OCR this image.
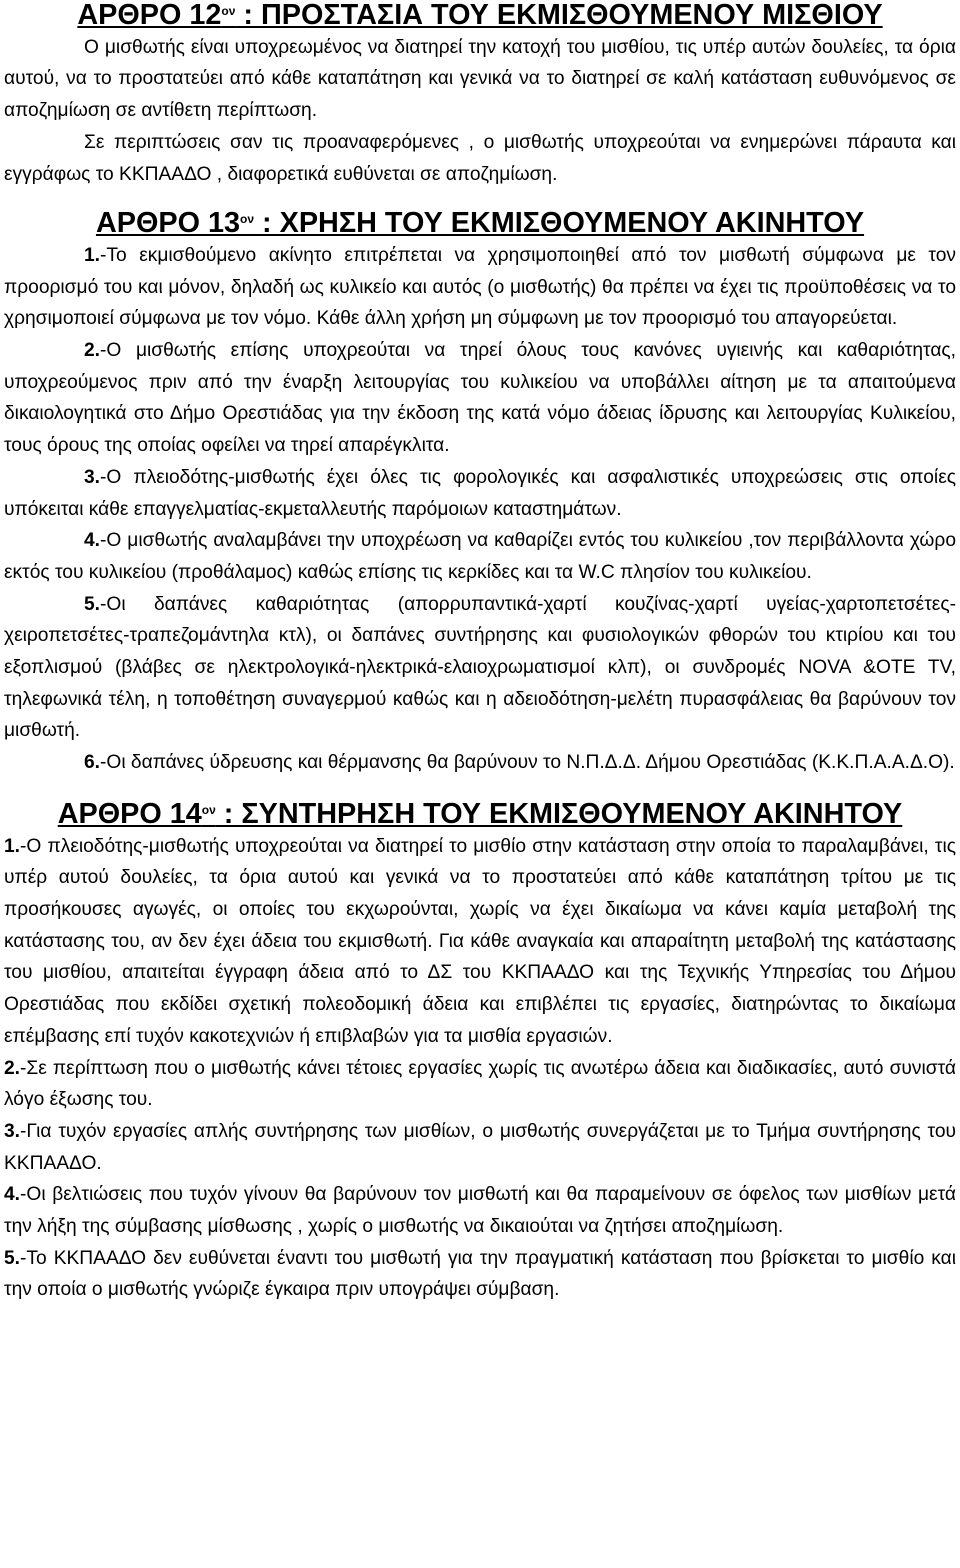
ΑΡΘΡΟ $12^{o\nu}$ : ΠΡΟΣΤΑΣΙΑ ΤΟΥ ΕΚΜΙΣΘΟΥΜΕΝΟΥ ΜΙΣΘΙΟΥ

Ο μισθωτής είναι υποχρεωμένος να διατηρεί την κατοχή του μισθίου, τις υπέρ αυτών δουλείες, τα όρια αυτού, να το προστατεύει από κάθε καταπάτηση και γενικά να το διατηρεί σε καλή κατάσταση ευθυνόμενος σε αποζημίωση σε αντίθετη περίπτωση.

Σε περιπτώσεις σαν τις προαναφερόμενες , ο μισθωτής υποχρεούται να ενημερώνει πάραυτα και εγγράφως το ΚΚΠΑΑΔΟ , διαφορετικά ευθύνεται σε αποζημίωση.

ΑΡΘΡΟ $13^{o\nu}$ : ΧΡΗΣΗ ΤΟΥ ΕΚΜΙΣΘΟΥΜΕΝΟΥ ΑΚΙΝΗΤΟΥ

1.-Το εκμισθούμενο ακίνητο επιτρέπεται να χρησιμοποιηθεί από τον μισθωτή σύμφωνα με τον προορισμό του και μόνον, δηλαδή ως κυλικείο και αυτός (ο μισθωτής) θα πρέπει να έχει τις προϋποθέσεις να το χρησιμοποιεί σύμφωνα με τον νόμο. Κάθε άλλη χρήση μη σύμφωνη με τον προορισμό του απαγορεύεται.

2.-Ο μισθωτής επίσης υποχρεούται να τηρεί όλους τους κανόνες υγιεινής και καθαριότητας, υποχρεούμενος πριν από την έναρξη λειτουργίας του κυλικείου να υποβάλλει αίτηση με τα απαιτούμενα δικαιολογητικά στο Δήμο Ορεστιάδας για την έκδοση της κατά νόμο άδειας ίδρυσης και λειτουργίας Κυλικείου, τους όρους της οποίας οφείλει να τηρεί απαρέγκλιτα.

3.-Ο πλειοδότης-μισθωτής έχει όλες τις φορολογικές και ασφαλιστικές υποχρεώσεις στις οποίες υπόκειται κάθε επαγγελματίας-εκμεταλλευτής παρόμοιων καταστημάτων.

4.-Ο μισθωτής αναλαμβάνει την υποχρέωση να καθαρίζει εντός του κυλικείου ,τον περιβάλλοντα χώρο εκτός του κυλικείου (προθάλαμος) καθώς επίσης τις κερκίδες και τα W.C πλησίον του κυλικείου.

5.-Οι δαπάνες καθαριότητας (απορρυπαντικά-χαρτί κουζίνας-χαρτί υγείας-χαρτοπετσέτες-χειροπετσέτες-τραπεζομάντηλα κτλ), οι δαπάνες συντήρησης και φυσιολογικών φθορών του κτιρίου και του εξοπλισμού (βλάβες σε ηλεκτρολογικά-ηλεκτρικά-ελαιοχρωματισμοί κλπ), οι συνδρομές NOVA &OTE TV, τηλεφωνικά τέλη, η τοποθέτηση συναγερμού καθώς και η αδειοδότηση-μελέτη πυρασφάλειας θα βαρύνουν τον μισθωτή.

6.-Οι δαπάνες ύδρευσης και θέρμανσης θα βαρύνουν το Ν.Π.Δ.Δ. Δήμου Ορεστιάδας (Κ.Κ.Π.Α.Α.Δ.Ο).

ΑΡΘΡΟ $14^{o\nu}$ : ΣΥΝΤΗΡΗΣΗ ΤΟΥ ΕΚΜΙΣΘΟΥΜΕΝΟΥ ΑΚΙΝΗΤΟΥ

1.-Ο πλειοδότης-μισθωτής υποχρεούται να διατηρεί το μισθίο στην κατάσταση στην οποία το παραλαμβάνει, τις υπέρ αυτού δουλείες, τα όρια αυτού και γενικά να το προστατεύει από κάθε καταπάτηση τρίτου με τις προσήκουσες αγωγές, οι οποίες του εκχωρούνται, χωρίς να έχει δικαίωμα να κάνει καμία μεταβολή της κατάστασης του, αν δεν έχει άδεια του εκμισθωτή. Για κάθε αναγκαία και απαραίτητη μεταβολή της κατάστασης του μισθίου, απαιτείται έγγραφη άδεια από το ΔΣ του ΚΚΠΑΑΔΟ και της Τεχνικής Υπηρεσίας του Δήμου Ορεστιάδας που εκδίδει σχετική πολεοδομική άδεια και επιβλέπει τις εργασίες, διατηρώντας το δικαίωμα επέμβασης επί τυχόν κακοτεχνιών ή επιβλαβών για τα μισθία εργασιών.

2.-Σε περίπτωση που ο μισθωτής κάνει τέτοιες εργασίες χωρίς τις ανωτέρω άδεια και διαδικασίες, αυτό συνιστά λόγο έξωσης του.

3.-Για τυχόν εργασίες απλής συντήρησης των μισθίων, ο μισθωτής συνεργάζεται με το Τμήμα συντήρησης του ΚΚΠΑΑΔΟ.

4.-Οι βελτιώσεις που τυχόν γίνουν θα βαρύνουν τον μισθωτή και θα παραμείνουν σε όφελος των μισθίων μετά την λήξη της σύμβασης μίσθωσης , χωρίς ο μισθωτής να δικαιούται να ζητήσει αποζημίωση.

5.-Το ΚΚΠΑΑΔΟ δεν ευθύνεται έναντι του μισθωτή για την πραγματική κατάσταση που βρίσκεται το μισθίο και την οποία ο μισθωτής γνώριζε έγκαιρα πριν υπογράψει σύμβαση.
